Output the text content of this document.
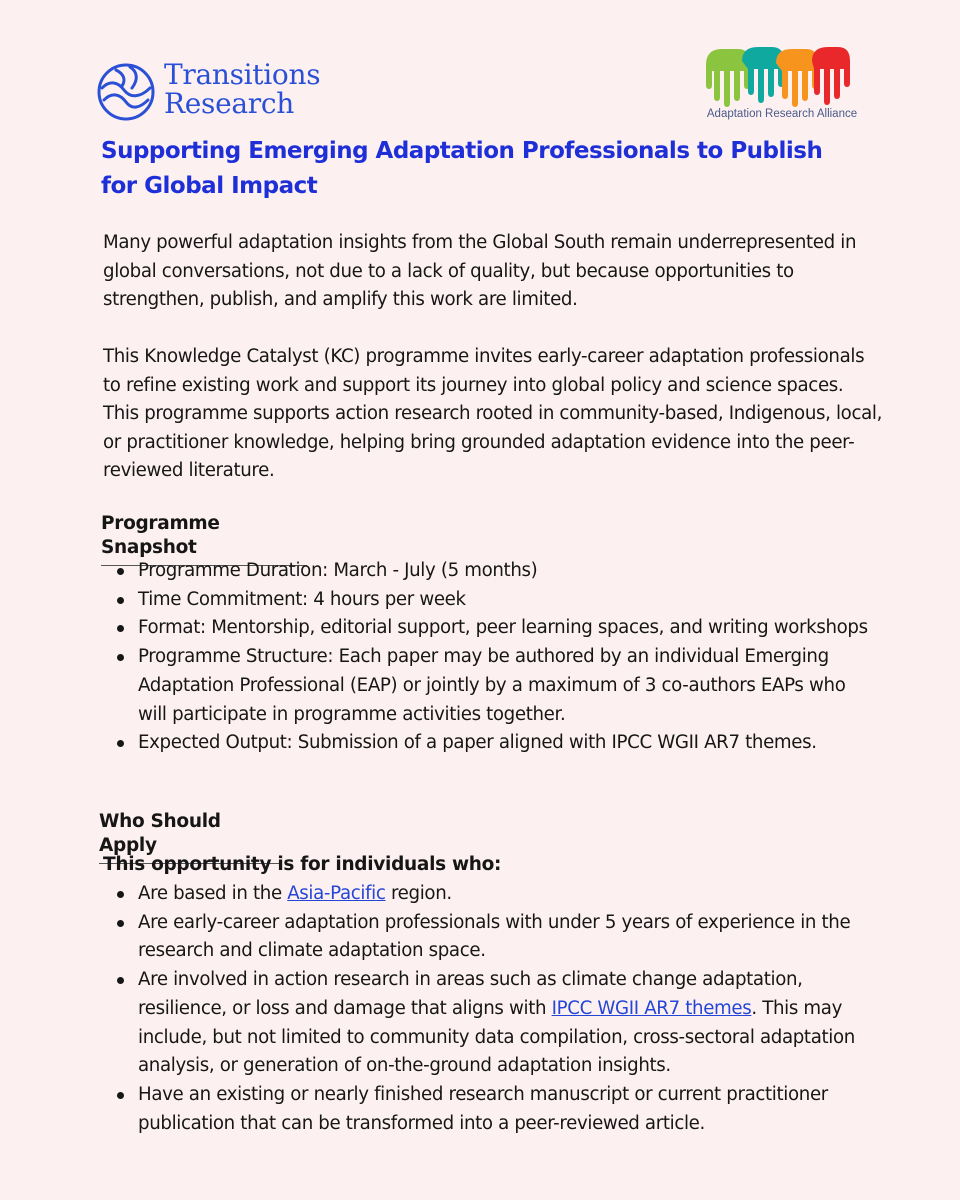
Transitions
Research	Adaptation Research Alliance
Supporting Emerging Adaptation Professionals to Publish for Global Impact

Many powerful adaptation insights from the Global South remain underrepresented in global conversations, not due to a lack of quality, but because opportunities to strengthen, publish, and amplify this work are limited.

This Knowledge Catalyst (KC) programme invites early-career adaptation professionals to refine existing work and support its journey into global policy and science spaces. This programme supports action research rooted in community-based, Indigenous, local, or practitioner knowledge, helping bring grounded adaptation evidence into the peer-reviewed literature.

Programme Snapshot
Programme Duration: March - July (5 months)
Time Commitment: 4 hours per week
Format: Mentorship, editorial support, peer learning spaces, and writing workshops
Programme Structure: Each paper may be authored by an individual Emerging Adaptation Professional (EAP) or jointly by a maximum of 3 co-authors EAPs who will participate in programme activities together.
Expected Output: Submission of a paper aligned with IPCC WGII AR7 themes.
Who Should Apply

This opportunity is for individuals who:

Are based in the Asia-Pacific region.
Are early-career adaptation professionals with under 5 years of experience in the research and climate adaptation space.
Are involved in action research in areas such as climate change adaptation, resilience, or loss and damage that aligns with IPCC WGII AR7 themes. This may include, but not limited to community data compilation, cross-sectoral adaptation analysis, or generation of on-the-ground adaptation insights.
Have an existing or nearly finished research manuscript or current practitioner publication that can be transformed into a peer-reviewed article.
